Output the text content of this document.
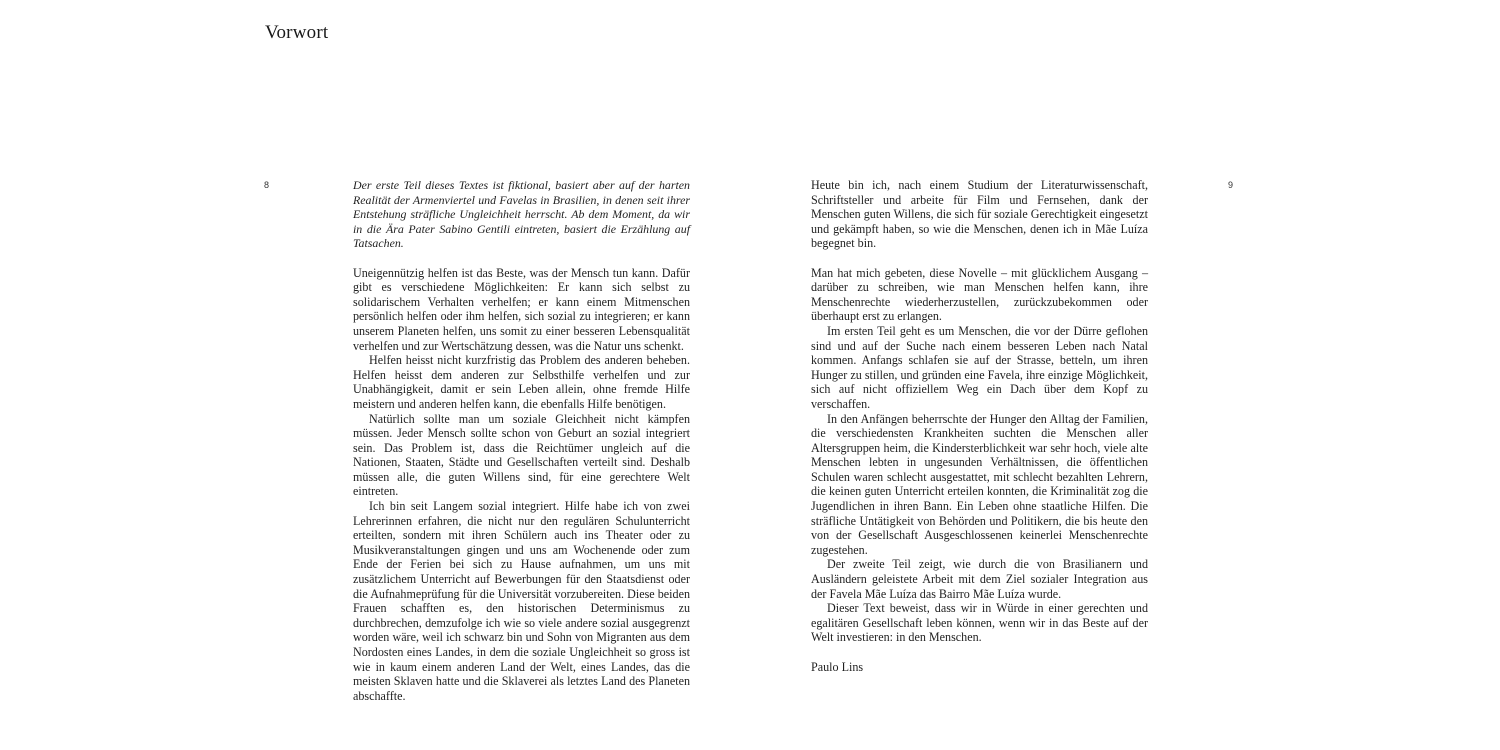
Vorwort
8	9

Der erste Teil dieses Textes ist fiktional, basiert aber auf der harten Realität der Armenviertel und Favelas in Brasilien, in denen seit ihrer Entstehung sträfliche Ungleichheit herrscht. Ab dem Moment, da wir in die Ära Pater Sabino Gentili eintreten, basiert die Erzählung auf Tatsachen.

Uneigennützig helfen ist das Beste, was der Mensch tun kann. Dafür gibt es verschiedene Möglichkeiten: Er kann sich selbst zu solidarischem Verhalten verhelfen; er kann einem Mitmenschen persönlich helfen oder ihm helfen, sich sozial zu integrieren; er kann unserem Planeten helfen, uns somit zu einer besseren Lebensqualität verhelfen und zur Wertschätzung dessen, was die Natur uns schenkt.

Helfen heisst nicht kurzfristig das Problem des anderen beheben. Helfen heisst dem anderen zur Selbsthilfe verhelfen und zur Unabhängigkeit, damit er sein Leben allein, ohne fremde Hilfe meistern und anderen helfen kann, die ebenfalls Hilfe benötigen.

Natürlich sollte man um soziale Gleichheit nicht kämpfen müssen. Jeder Mensch sollte schon von Geburt an sozial integriert sein. Das Problem ist, dass die Reichtümer ungleich auf die Nationen, Staaten, Städte und Gesellschaften verteilt sind. Deshalb müssen alle, die guten Willens sind, für eine gerechtere Welt eintreten.

Ich bin seit Langem sozial integriert. Hilfe habe ich von zwei Lehrerinnen erfahren, die nicht nur den regulären Schulunterricht erteilten, sondern mit ihren Schülern auch ins Theater oder zu Musikveranstaltungen gingen und uns am Wochenende oder zum Ende der Ferien bei sich zu Hause aufnahmen, um uns mit zusätzlichem Unterricht auf Bewerbungen für den Staatsdienst oder die Aufnahmeprüfung für die Universität vorzubereiten. Diese beiden Frauen schafften es, den historischen Determinismus zu durchbrechen, demzufolge ich wie so viele andere sozial ausgegrenzt worden wäre, weil ich schwarz bin und Sohn von Migranten aus dem Nordosten eines Landes, in dem die soziale Ungleichheit so gross ist wie in kaum einem anderen Land der Welt, eines Landes, das die meisten Sklaven hatte und die Sklaverei als letztes Land des Planeten abschaffte.

Heute bin ich, nach einem Studium der Literaturwissenschaft, Schriftsteller und arbeite für Film und Fernsehen, dank der Menschen guten Willens, die sich für soziale Gerechtigkeit eingesetzt und gekämpft haben, so wie die Menschen, denen ich in Mãe Luíza begegnet bin.

Man hat mich gebeten, diese Novelle – mit glücklichem Ausgang – darüber zu schreiben, wie man Menschen helfen kann, ihre Menschenrechte wiederherzustellen, zurückzubekommen oder überhaupt erst zu erlangen.

Im ersten Teil geht es um Menschen, die vor der Dürre geflohen sind und auf der Suche nach einem besseren Leben nach Natal kommen. Anfangs schlafen sie auf der Strasse, betteln, um ihren Hunger zu stillen, und gründen eine Favela, ihre einzige Möglichkeit, sich auf nicht offiziellem Weg ein Dach über dem Kopf zu verschaffen.

In den Anfängen beherrschte der Hunger den Alltag der Familien, die verschiedensten Krankheiten suchten die Menschen aller Altersgruppen heim, die Kindersterblichkeit war sehr hoch, viele alte Menschen lebten in ungesunden Verhältnissen, die öffentlichen Schulen waren schlecht ausgestattet, mit schlecht bezahlten Lehrern, die keinen guten Unterricht erteilen konnten, die Kriminalität zog die Jugendlichen in ihren Bann. Ein Leben ohne staatliche Hilfen. Die sträfliche Untätigkeit von Behörden und Politikern, die bis heute den von der Gesellschaft Ausgeschlossenen keinerlei Menschenrechte zugestehen.

Der zweite Teil zeigt, wie durch die von Brasilianern und Ausländern geleistete Arbeit mit dem Ziel sozialer Integration aus der Favela Mãe Luíza das Bairro Mãe Luíza wurde.

Dieser Text beweist, dass wir in Würde in einer gerechten und egalitären Gesellschaft leben können, wenn wir in das Beste auf der Welt investieren: in den Menschen.

Paulo Lins
